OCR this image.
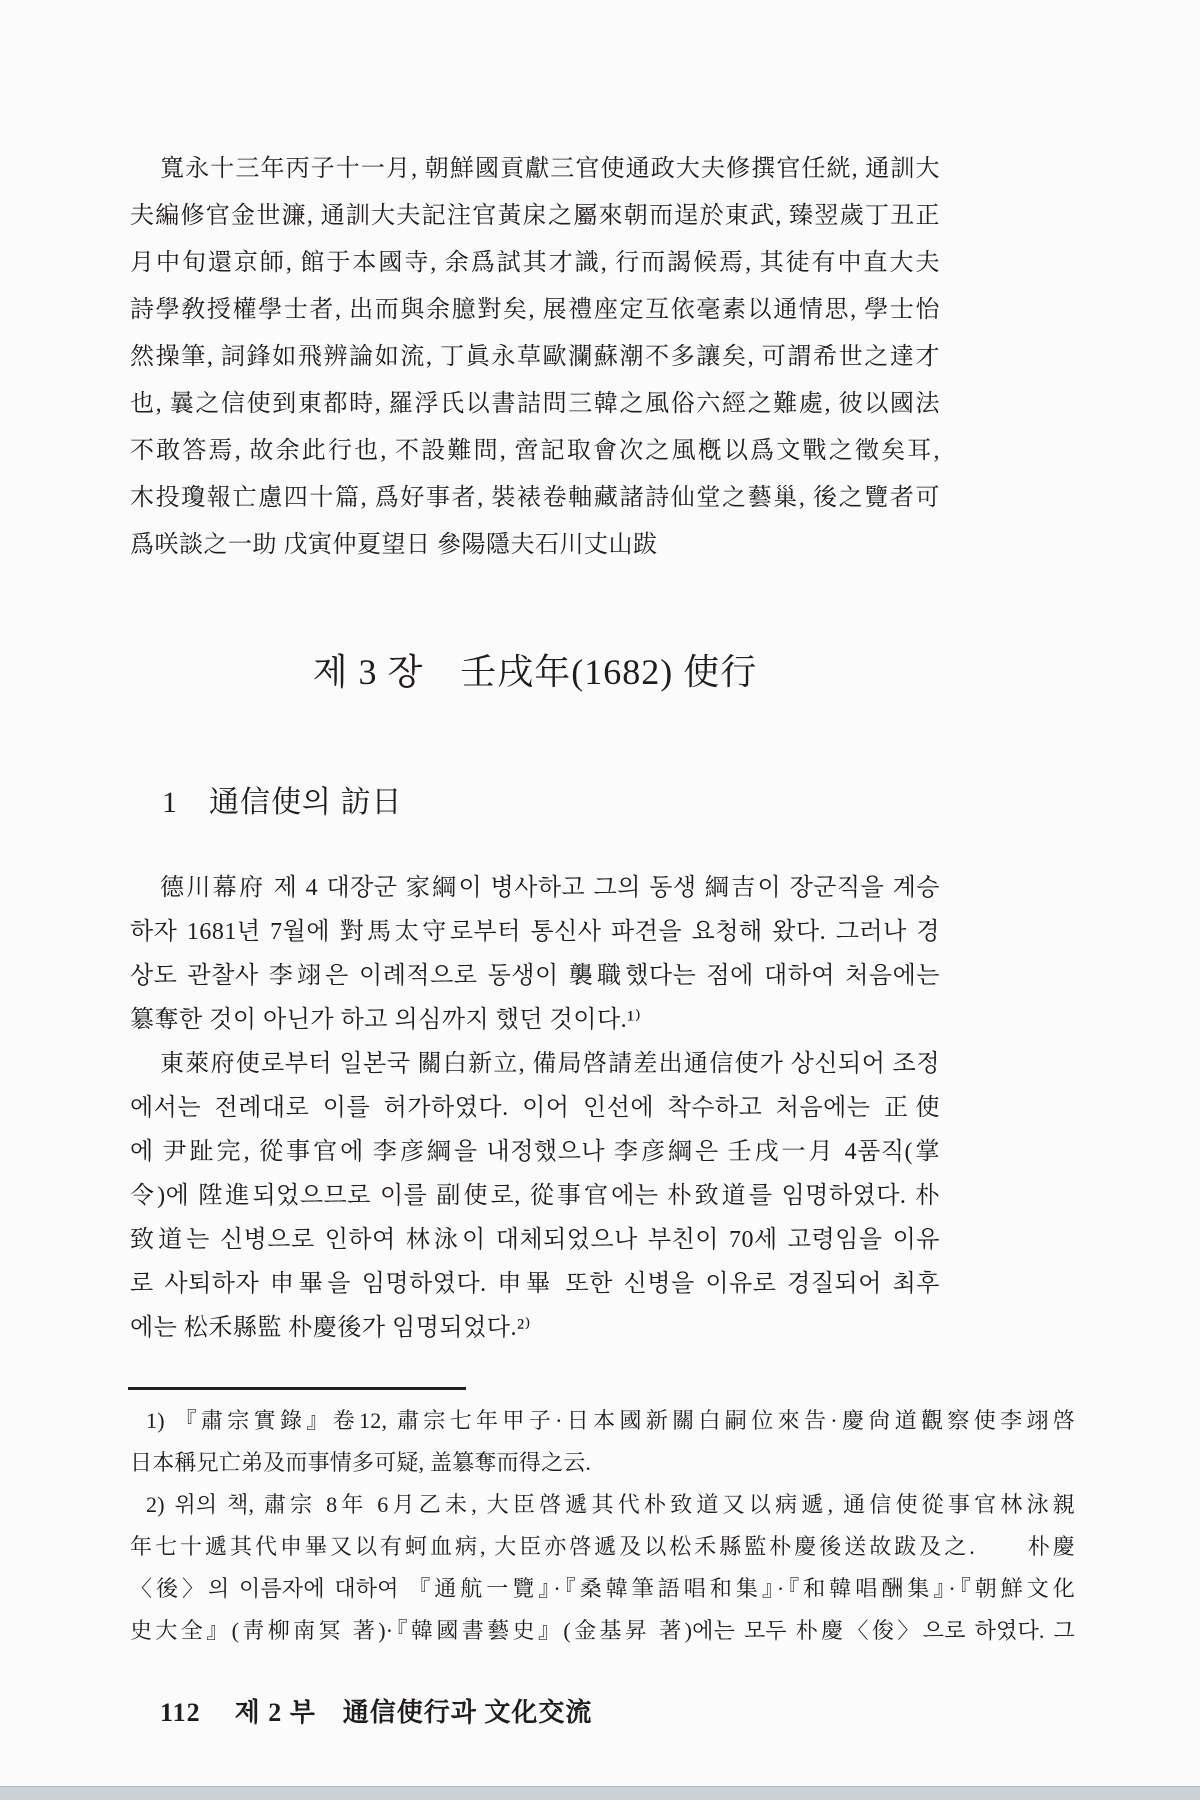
寬永十三年丙子十一月, 朝鮮國貢獻三官使通政大夫修撰官任絖, 通訓大
夫編修官金世濂, 通訓大夫記注官黃㦿之屬來朝而逞於東武, 臻翌歲丁丑正
月中旬還京師, 館于本國寺, 余爲試其才識, 行而謁候焉, 其徒有中直大夫
詩學敎授權學士者, 出而與余臆對矣, 展禮座定互依毫素以通情思, 學士怡
然操筆, 詞鋒如飛辨論如流, 丁眞永草歐瀾蘇潮不多讓矣, 可謂希世之達才
也, 曩之信使到東都時, 羅浮氏以書詰問三韓之風俗六經之難處, 彼以國法
不敢答焉, 故余此行也, 不設難問, 啻記取會次之風槪以爲文戰之徵矣耳,
木投瓊報亡慮四十篇, 爲好事者, 裝裱卷軸藏諸詩仙堂之藝巢, 後之覽者可
爲咲談之一助 戊寅仲夏望日 參陽隱夫石川丈山跋
제 3 장　壬戌年(1682) 使行
1　通信使의 訪日
德川幕府 제 4 대장군 家綱이 병사하고 그의 동생 綱吉이 장군직을 계승
하자 1681년 7월에 對馬太守로부터 통신사 파견을 요청해 왔다. 그러나 경
상도 관찰사 李翊은 이례적으로 동생이 襲職했다는 점에 대하여 처음에는
簒奪한 것이 아닌가 하고 의심까지 했던 것이다.¹⁾
東萊府使로부터 일본국 關白新立, 備局啓請差出通信使가 상신되어 조정
에서는 전례대로 이를 허가하였다. 이어 인선에 착수하고 처음에는 正使
에 尹趾完, 從事官에 李彦綱을 내정했으나 李彦綱은 壬戌一月 4품직(掌
令)에 陞進되었으므로 이를 副使로, 從事官에는 朴致道를 임명하였다. 朴
致道는 신병으로 인하여 林泳이 대체되었으나 부친이 70세 고령임을 이유
로 사퇴하자 申畢을 임명하였다. 申畢 또한 신병을 이유로 경질되어 최후
에는 松禾縣監 朴慶後가 임명되었다.²⁾
1) 『肅宗實錄』卷12, 肅宗七年甲子·日本國新關白嗣位來告·慶尙道觀察使李翊啓
日本稱兄亡弟及而事情多可疑, 盖簒奪而得之云.
2) 위의 책, 肅宗 8年 6月乙未, 大臣啓遞其代朴致道又以病遞, 通信使從事官林泳親
年七十遞其代申畢又以有蚵血病, 大臣亦啓遞及以松禾縣監朴慶後送故跋及之.　　朴慶
〈後〉의 이름자에 대하여 『通航一覽』·『桑韓筆語唱和集』·『和韓唱酬集』·『朝鮮文化
史大全』(靑柳南冥 著)·『韓國書藝史』(金基昇 著)에는 모두 朴慶〈俊〉으로 하였다. 그
112 제 2 부　通信使行과 文化交流
